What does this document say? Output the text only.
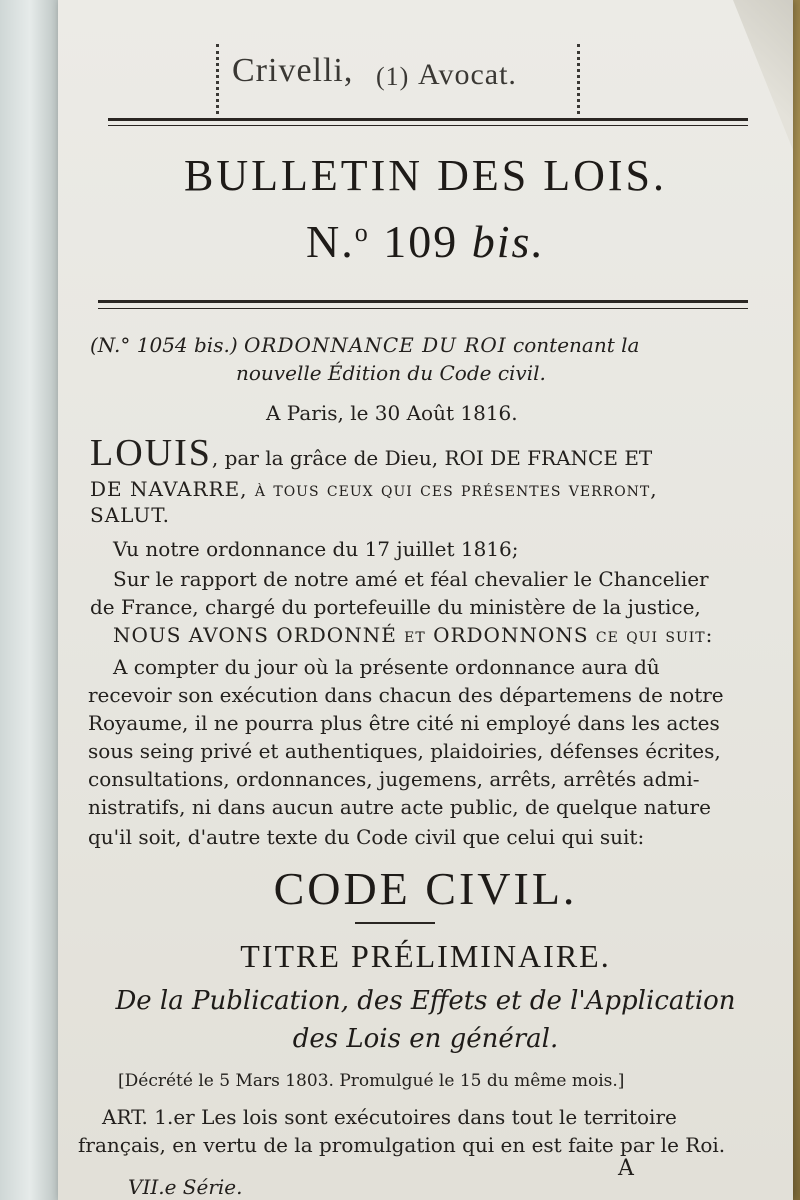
Crivelli, (1) Avocat.
BULLETIN DES LOIS.
N.$^o$ 109 bis.
(N.° 1054 bis.) ORDONNANCE DU ROI contenant la
nouvelle Édition du Code civil.
A Paris, le 30 Août 1816.
LOUIS, par la grâce de Dieu, ROI DE FRANCE ET
DE NAVARRE, à tous ceux qui ces présentes verront,
SALUT.
Vu notre ordonnance du 17 juillet 1816;
Sur le rapport de notre amé et féal chevalier le Chancelier
de France, chargé du portefeuille du ministère de la justice,
NOUS AVONS ORDONNÉ et ORDONNONS ce qui suit:
A compter du jour où la présente ordonnance aura dû
recevoir son exécution dans chacun des départemens de notre
Royaume, il ne pourra plus être cité ni employé dans les actes
sous seing privé et authentiques, plaidoiries, défenses écrites,
consultations, ordonnances, jugemens, arrêts, arrêtés admi-
nistratifs, ni dans aucun autre acte public, de quelque nature
qu'il soit, d'autre texte du Code civil que celui qui suit:
CODE CIVIL.
TITRE PRÉLIMINAIRE.
De la Publication, des Effets et de l'Application
des Lois en général.
[Décrété le 5 Mars 1803. Promulgué le 15 du même mois.]
ART. 1.er Les lois sont exécutoires dans tout le territoire
français, en vertu de la promulgation qui en est faite par le Roi.
A
VII.e Série.
